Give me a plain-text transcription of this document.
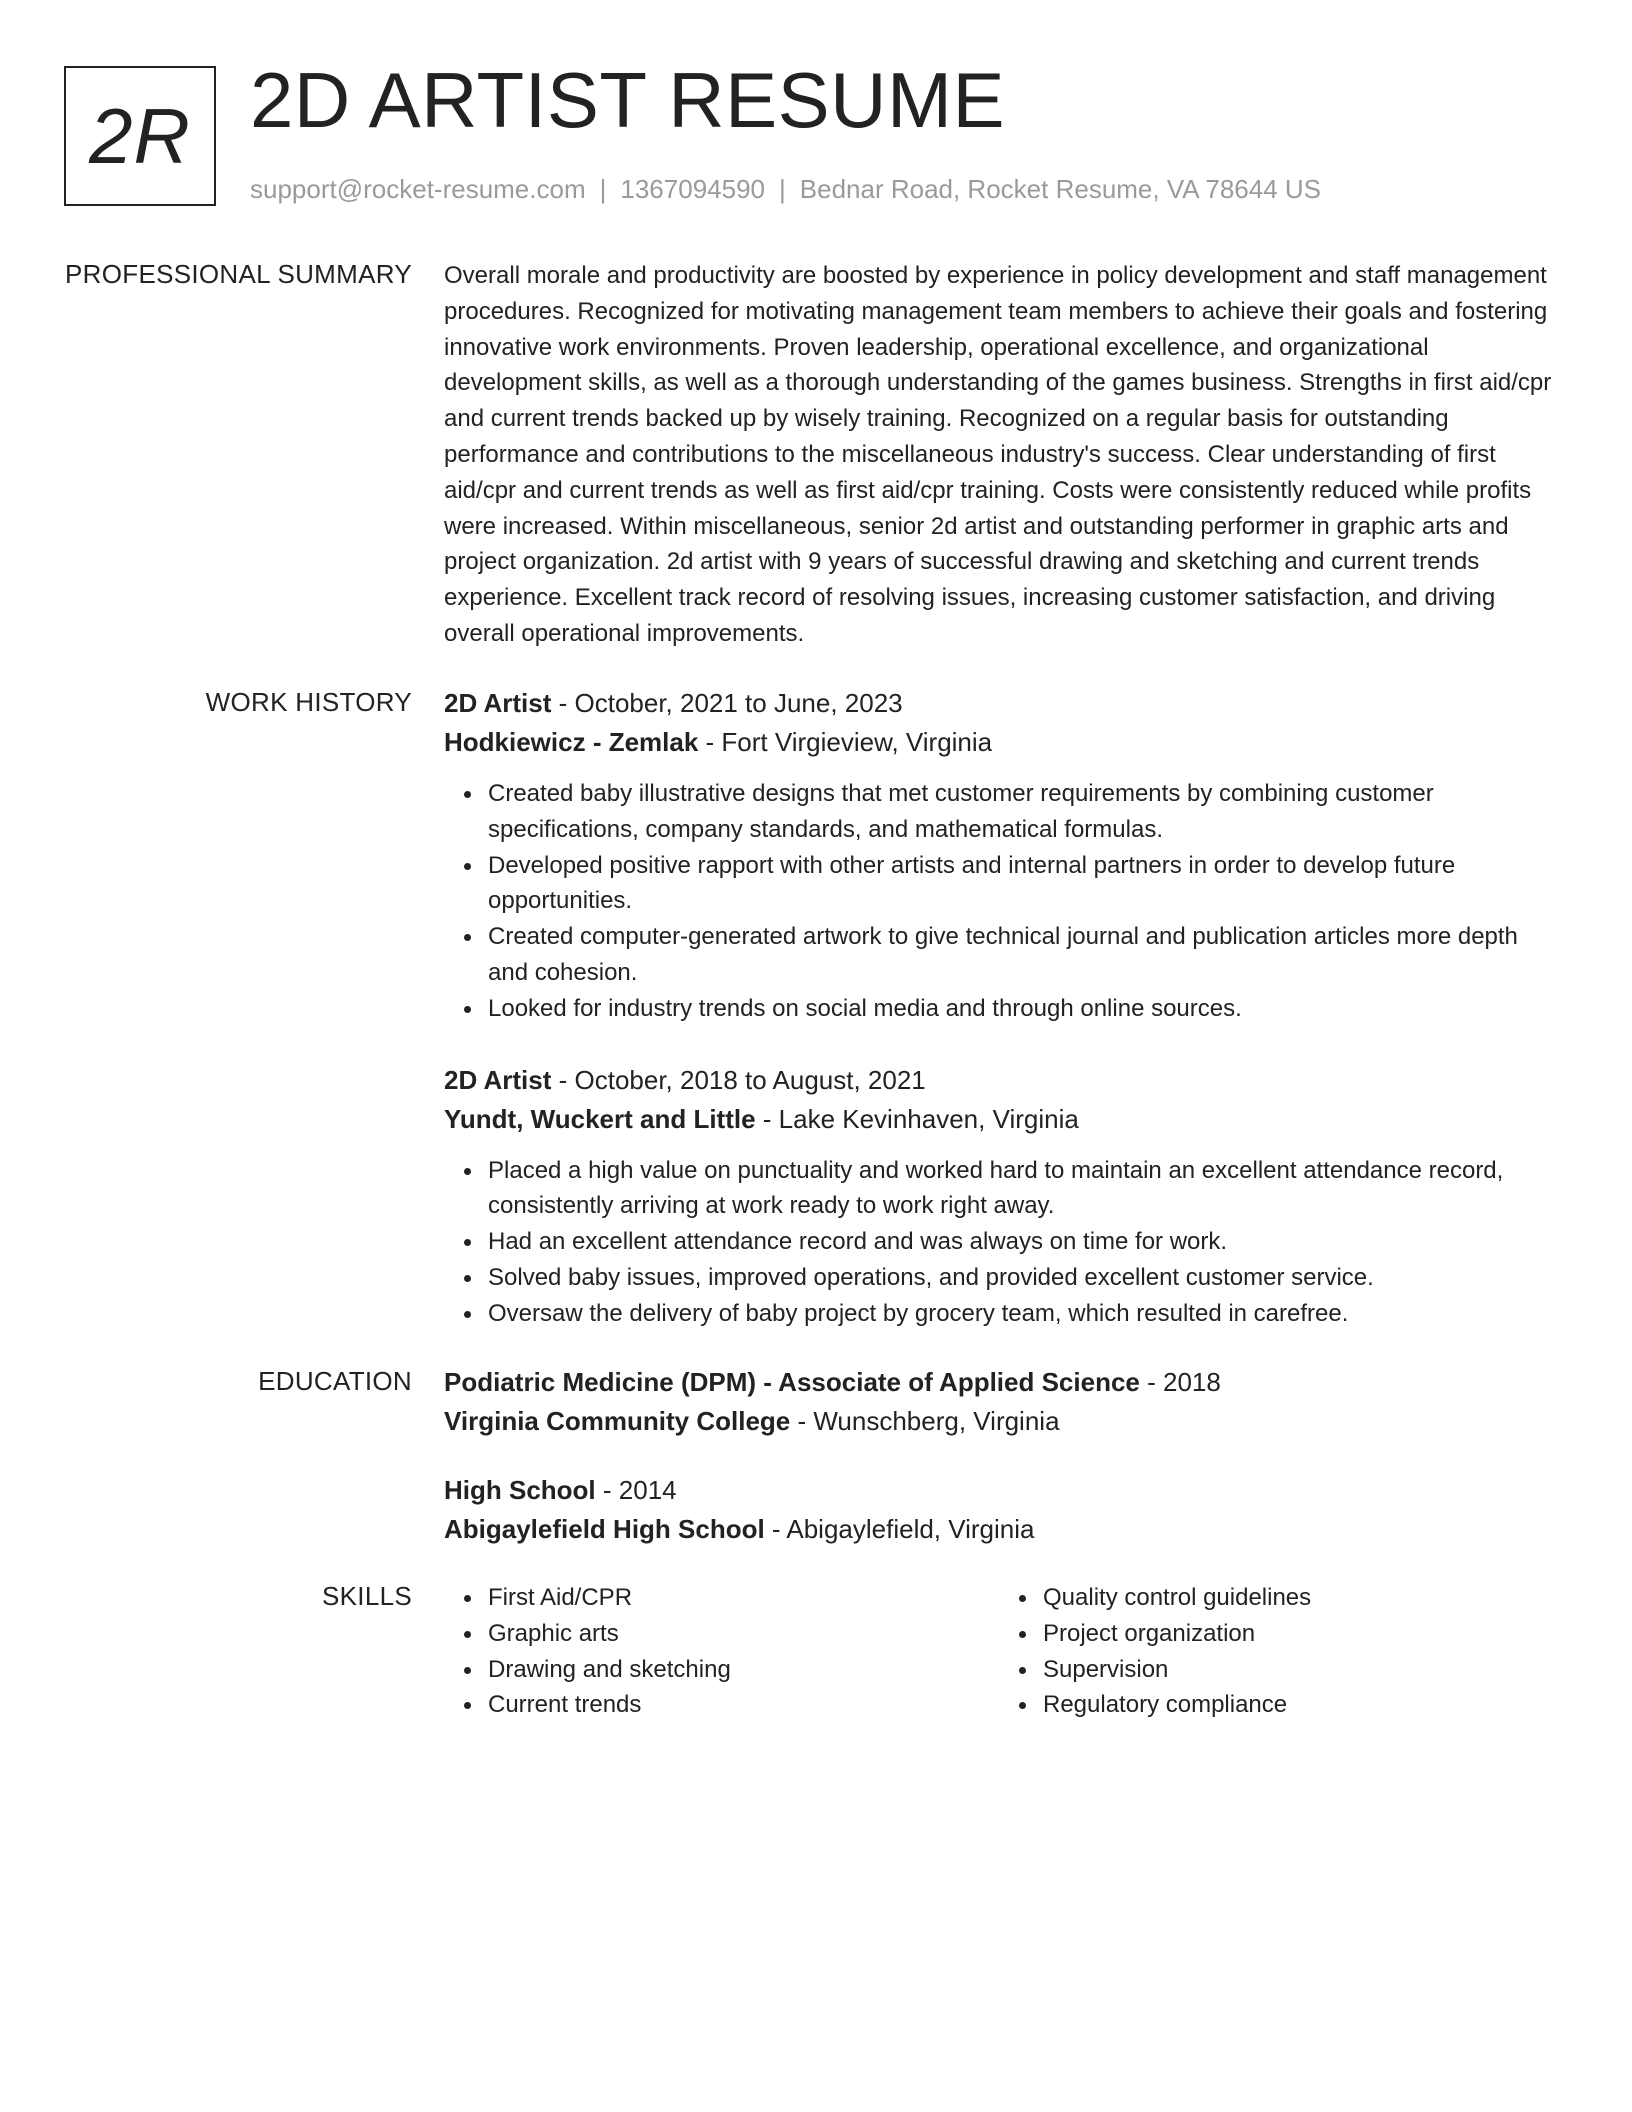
2R 2D ARTIST RESUME
support@rocket-resume.com | 1367094590 | Bednar Road, Rocket Resume, VA 78644 US
PROFESSIONAL SUMMARY Overall morale and productivity are boosted by experience in policy development and staff management procedures. Recognized for motivating management team members to achieve their goals and fostering innovative work environments. Proven leadership, operational excellence, and organizational development skills, as well as a thorough understanding of the games business. Strengths in first aid/cpr and current trends backed up by wisely training. Recognized on a regular basis for outstanding performance and contributions to the miscellaneous industry's success. Clear understanding of first aid/cpr and current trends as well as first aid/cpr training. Costs were consistently reduced while profits were increased. Within miscellaneous, senior 2d artist and outstanding performer in graphic arts and project organization. 2d artist with 9 years of successful drawing and sketching and current trends experience. Excellent track record of resolving issues, increasing customer satisfaction, and driving overall operational improvements.

WORK HISTORY 2D Artist - October, 2021 to June, 2023
Hodkiewicz - Zemlak - Fort Virgieview, Virginia
Created baby illustrative designs that met customer requirements by combining customer specifications, company standards, and mathematical formulas.
Developed positive rapport with other artists and internal partners in order to develop future opportunities.
Created computer-generated artwork to give technical journal and publication articles more depth and cohesion.
Looked for industry trends on social media and through online sources.
2D Artist - October, 2018 to August, 2021
Yundt, Wuckert and Little - Lake Kevinhaven, Virginia
Placed a high value on punctuality and worked hard to maintain an excellent attendance record, consistently arriving at work ready to work right away.
Had an excellent attendance record and was always on time for work.
Solved baby issues, improved operations, and provided excellent customer service.
Oversaw the delivery of baby project by grocery team, which resulted in carefree.
EDUCATION Podiatric Medicine (DPM) - Associate of Applied Science - 2018
Virginia Community College - Wunschberg, Virginia
High School - 2014
Abigaylefield High School - Abigaylefield, Virginia
SKILLS	First Aid/CPR
Graphic arts
Drawing and sketching
Current trends
Quality control guidelines
Project organization
Supervision
Regulatory compliance
